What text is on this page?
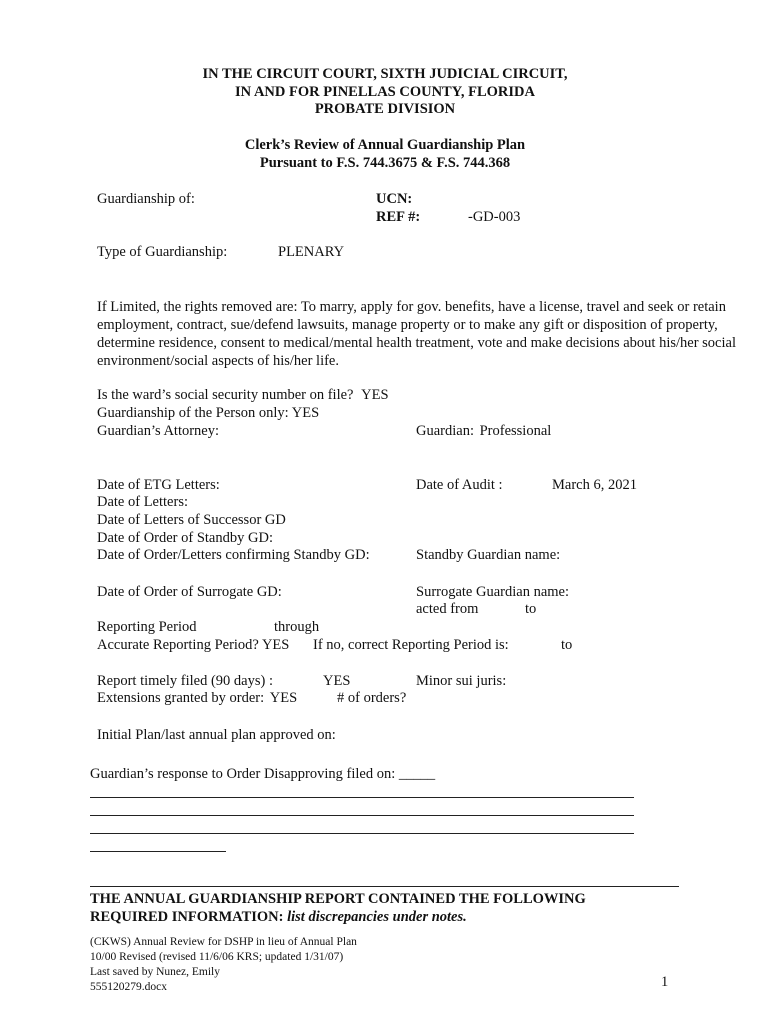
IN THE CIRCUIT COURT, SIXTH JUDICIAL CIRCUIT,
IN AND FOR PINELLAS COUNTY, FLORIDA
PROBATE DIVISION
Clerk’s Review of Annual Guardianship Plan
Pursuant to F.S. 744.3675 & F.S. 744.368
Guardianship of:	UCN:
REF #:	-GD-003
Type of Guardianship:	PLENARY
If Limited, the rights removed are: To marry, apply for gov. benefits, have a license, travel and seek or retain employment, contract, sue/defend lawsuits, manage property or to make any gift or disposition of property, determine residence, consent to medical/mental health treatment, vote and make decisions about his/her social environment/social aspects of his/her life.
Is the ward’s social security number on file? YES
Guardianship of the Person only: YES
Guardian’s Attorney:	Guardian: Professional
Date of ETG Letters:	Date of Audit :	March 6, 2021
Date of Letters:
Date of Letters of Successor GD
Date of Order of Standby GD:
Date of Order/Letters confirming Standby GD:	Standby Guardian name:
Date of Order of Surrogate GD:	Surrogate Guardian name:
acted from	to
Reporting Period	through
Accurate Reporting Period? YES If no, correct Reporting Period is:	to
Report timely filed (90 days) :	YES	Minor sui juris:
Extensions granted by order: YES	# of orders?
Initial Plan/last annual plan approved on:
Guardian’s response to Order Disapproving filed on: _____
THE ANNUAL GUARDIANSHIP REPORT CONTAINED THE FOLLOWING
REQUIRED INFORMATION: list discrepancies under notes.
(CKWS) Annual Review for DSHP in lieu of Annual Plan
10/00 Revised (revised 11/6/06 KRS; updated 1/31/07)
Last saved by Nunez, Emily
555120279.docx	1
